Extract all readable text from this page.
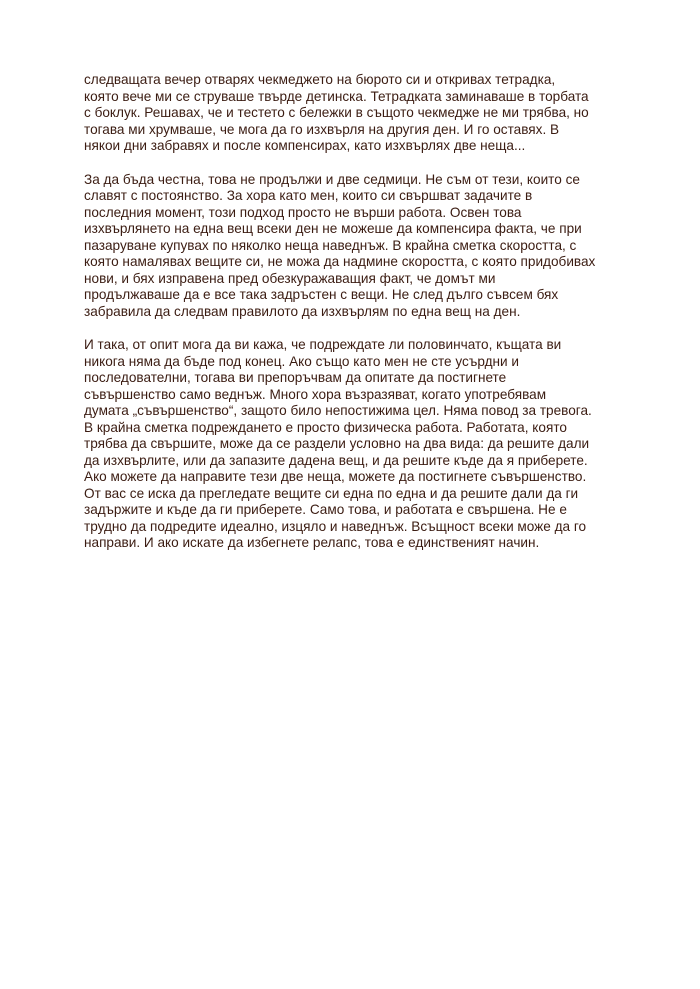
следващата вечер отварях чекмеджето на бюрото си и откривах тетрадка,
която вече ми се струваше твърде детинска. Тетрадката заминаваше в торбата
с боклук. Решавах, че и тестето с бележки в същото чекмедже не ми трябва, но
тогава ми хрумваше, че мога да го изхвърля на другия ден. И го оставях. В
някои дни забравях и после компенсирах, като изхвърлях две неща...

За да бъда честна, това не продължи и две седмици. Не съм от тези, които се
славят с постоянство. За хора като мен, които си свършват задачите в
последния момент, този подход просто не върши работа. Освен това
изхвърлянето на една вещ всеки ден не можеше да компенсира факта, че при
пазаруване купувах по няколко неща наведнъж. В крайна сметка скоростта, с
която намалявах вещите си, не можа да надмине скоростта, с която придобивах
нови, и бях изправена пред обезкуражаващия факт, че домът ми
продължаваше да е все така задръстен с вещи. Не след дълго съвсем бях
забравила да следвам правилото да изхвърлям по една вещ на ден.

И така, от опит мога да ви кажа, че подреждате ли половинчато, къщата ви
никога няма да бъде под конец. Ако също като мен не сте усърдни и
последователни, тогава ви препоръчвам да опитате да постигнете
съвършенство само веднъж. Много хора възразяват, когато употребявам
думата „съвършенство“, защото било непостижима цел. Няма повод за тревога.
В крайна сметка подреждането е просто физическа работа. Работата, която
трябва да свършите, може да се раздели условно на два вида: да решите дали
да изхвърлите, или да запазите дадена вещ, и да решите къде да я приберете.
Ако можете да направите тези две неща, можете да постигнете съвършенство.
От вас се иска да прегледате вещите си една по една и да решите дали да ги
задържите и къде да ги приберете. Само това, и работата е свършена. Не е
трудно да подредите идеално, изцяло и наведнъж. Всъщност всеки може да го
направи. И ако искате да избегнете релапс, това е единственият начин.
